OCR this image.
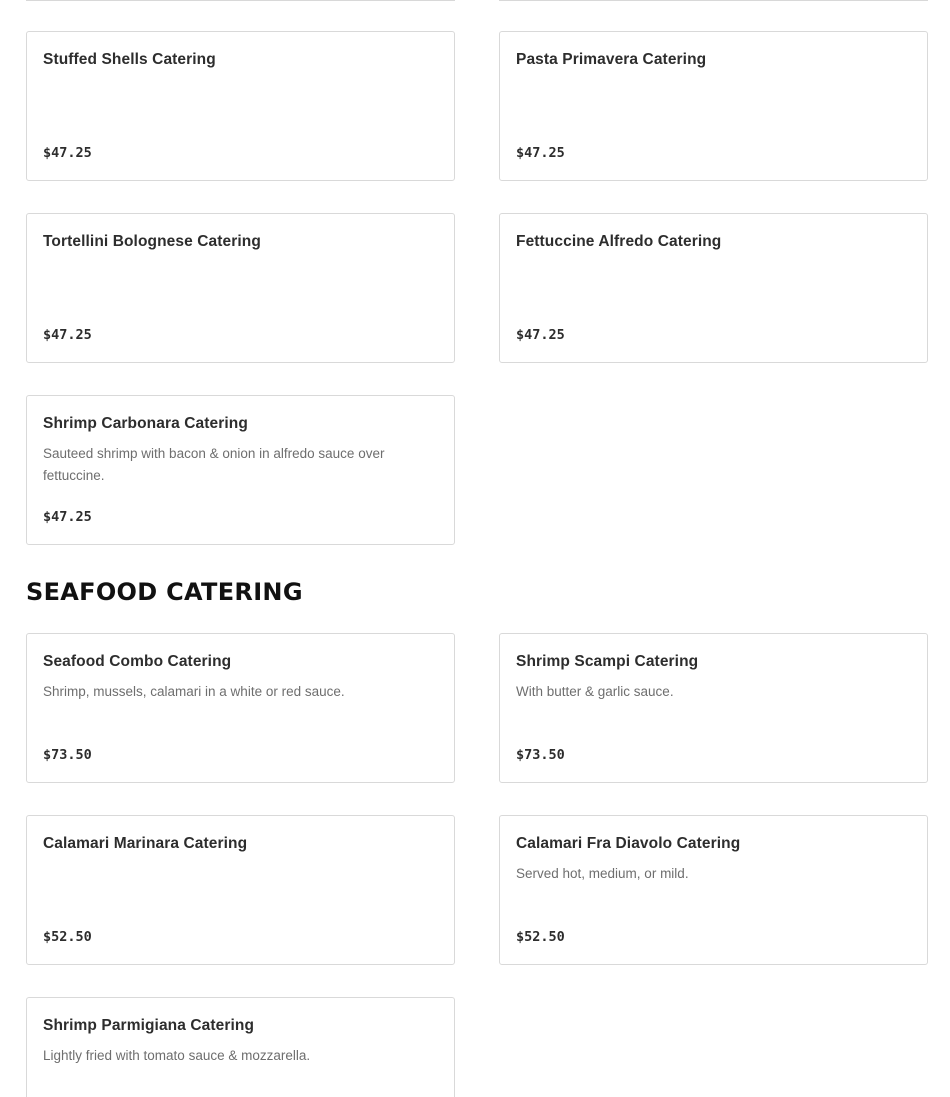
Stuffed Shells Catering
$47.25
Pasta Primavera Catering
$47.25
Tortellini Bolognese Catering
$47.25
Fettuccine Alfredo Catering
$47.25
Shrimp Carbonara Catering
Sauteed shrimp with bacon & onion in alfredo sauce over fettuccine.
$47.25
SEAFOOD CATERING
Seafood Combo Catering
Shrimp, mussels, calamari in a white or red sauce.
$73.50
Shrimp Scampi Catering
With butter & garlic sauce.
$73.50
Calamari Marinara Catering
$52.50
Calamari Fra Diavolo Catering
Served hot, medium, or mild.
$52.50
Shrimp Parmigiana Catering
Lightly fried with tomato sauce & mozzarella.
